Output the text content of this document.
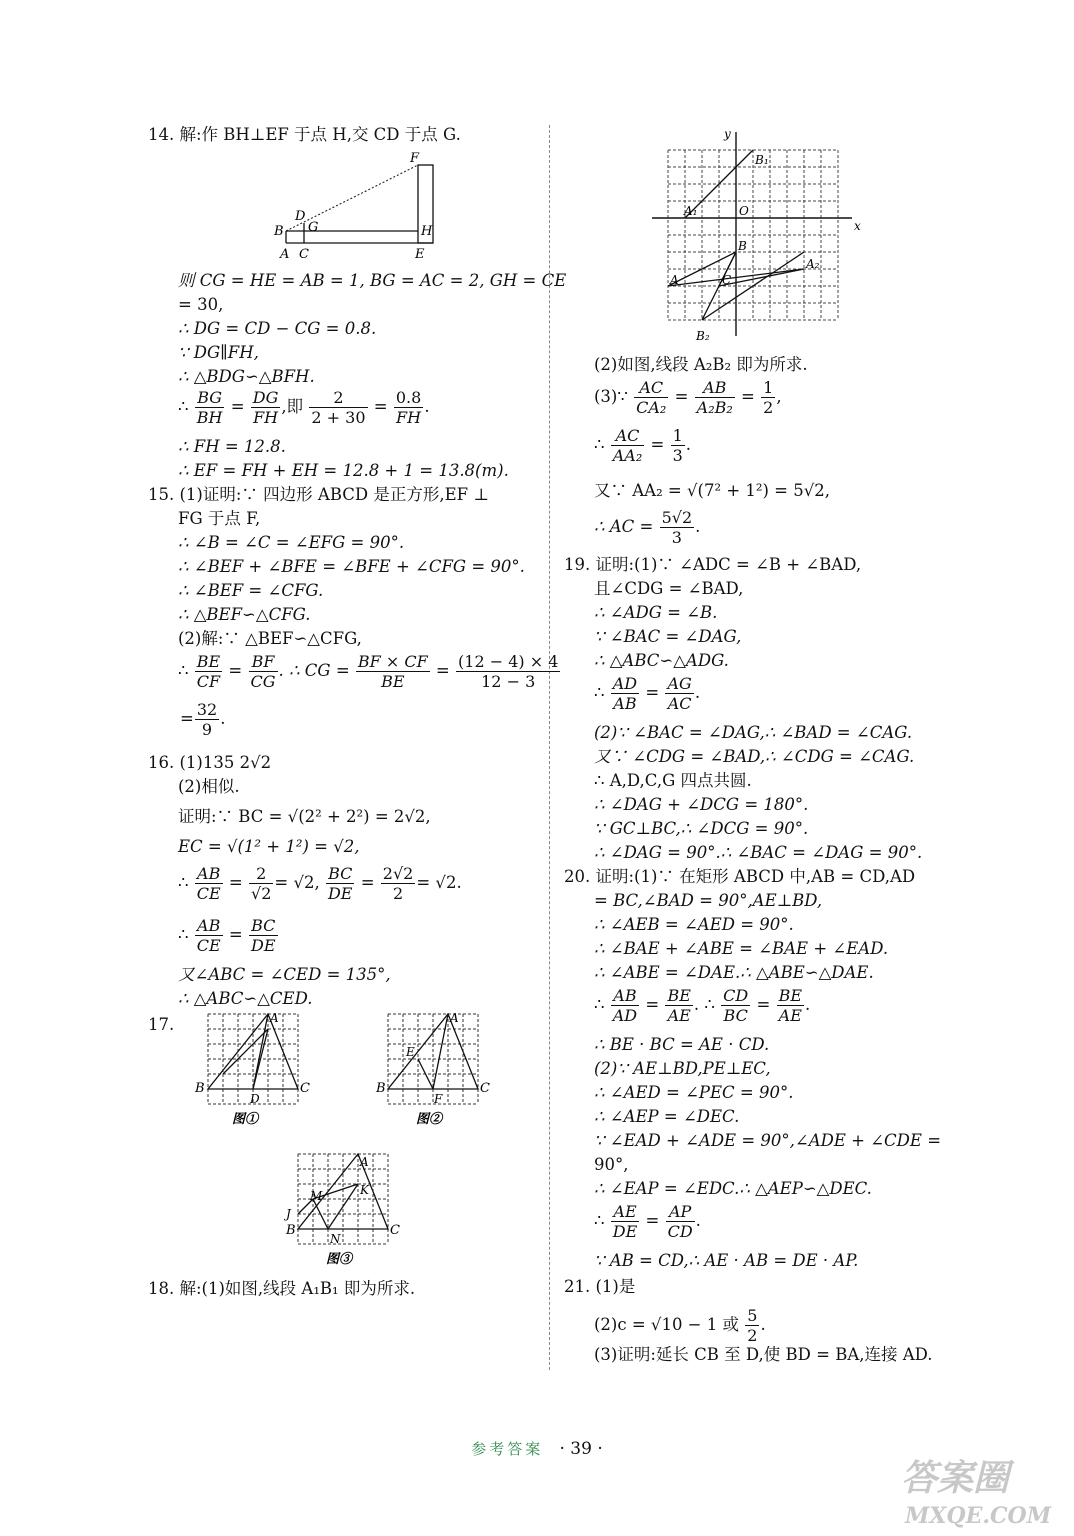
14. 解:作 BH⊥EF 于点 H,交 CD 于点 G.
F
D
G
B	H
A C	E
则 CG = HE = AB = 1, BG = AC = 2, GH = CE
= 30,
∴ DG = CD − CG = 0.8.
∵ DG∥FH,
∴ △BDG∽△BFH.
∴ $\frac{BG}{BH} = \frac{DG}{FH}$ ,即 $\frac{2}{2 + 30} = \frac{0.8}{FH}$ .
∴ FH = 12.8.
∴ EF = FH + EH = 12.8 + 1 = 13.8(m).
15. (1)证明:∵ 四边形 ABCD 是正方形,EF ⊥
FG 于点 F,
∴ ∠B = ∠C = ∠EFG = 90°.
∴ ∠BEF + ∠BFE = ∠BFE + ∠CFG = 90°.
∴ ∠BEF = ∠CFG.
∴ △BEF∽△CFG.
(2)解:∵ △BEF∽△CFG,
∴ $\frac{BE}{CF} = \frac{BF}{CG}$ . ∴ CG = $\frac{BF \times CF}{BE} = \frac{(12 - 4) \times 4}{12 - 3}$
= $\frac{32}{9}$ .
16. (1)135 2√2
(2)相似.
证明:∵ BC = √(2² + 2²) = 2√2,
EC = √(1² + 1²) = √2,
∴ $\frac{AB}{CE} = \frac{2}{√2} = √2$, $\frac{BC}{DE} = \frac{2√2}{2} = √2$.
∴ $\frac{AB}{CE} = \frac{BC}{DE}$
又∠ABC = ∠CED = 135°,
∴ △ABC∽△CED.
17.	A
B	C
D
图①
A
B	C
E
F
图②
A
J
B	C
M	K
N
图③
18. 解:(1)如图,线段 A₁B₁ 即为所求.
y
x
O
B₁
A₁
B
A	C
A₂
B₂
(2)如图,线段 A₂B₂ 即为所求.
(3)∵ $\frac{AC}{\text{CA₂}} = \frac{AB}{\text{A₂B₂}} = \frac{1}{2}$ ,
∴ $\frac{AC}{\text{AA₂}} = \frac{1}{3}$ .
又∵ AA₂ = √(7² + 1²) = 5√2,
∴ AC = $\frac{5√2}{3}$ .
19. 证明:(1)∵ ∠ADC = ∠B + ∠BAD,
且∠CDG = ∠BAD,
∴ ∠ADG = ∠B.
∵ ∠BAC = ∠DAG,
∴ △ABC∽△ADG.
∴ $\frac{AD}{AB} = \frac{AG}{AC}$ .
(2)∵ ∠BAC = ∠DAG,∴ ∠BAD = ∠CAG.
又∵ ∠CDG = ∠BAD,∴ ∠CDG = ∠CAG.
∴ A,D,C,G 四点共圆.
∴ ∠DAG + ∠DCG = 180°.
∵ GC⊥BC,∴ ∠DCG = 90°.
∴ ∠DAG = 90°.∴ ∠BAC = ∠DAG = 90°.
20. 证明:(1)∵ 在矩形 ABCD 中,AB = CD,AD
= BC,∠BAD = 90°,AE⊥BD,
∴ ∠AEB = ∠AED = 90°.
∴ ∠BAE + ∠ABE = ∠BAE + ∠EAD.
∴ ∠ABE = ∠DAE.∴ △ABE∽△DAE.
∴ $\frac{AB}{AD} = \frac{BE}{AE}$ . ∴ $\frac{CD}{BC} = \frac{BE}{AE}$ .
∴ BE · BC = AE · CD.
(2)∵ AE⊥BD,PE⊥EC,
∴ ∠AED = ∠PEC = 90°.
∴ ∠AEP = ∠DEC.
∵ ∠EAD + ∠ADE = 90°,∠ADE + ∠CDE =
90°,
∴ ∠EAP = ∠EDC.∴ △AEP∽△DEC.
∴ $\frac{AE}{DE} = \frac{AP}{CD}$ .
∵ AB = CD,∴ AE · AB = DE · AP.
21. (1)是
(2)c = √10 − 1 或 $\frac{5}{2}$ .
(3)证明:延长 CB 至 D,使 BD = BA,连接 AD.
参考答案 · 39 ·
答案圈
MXQE.COM
